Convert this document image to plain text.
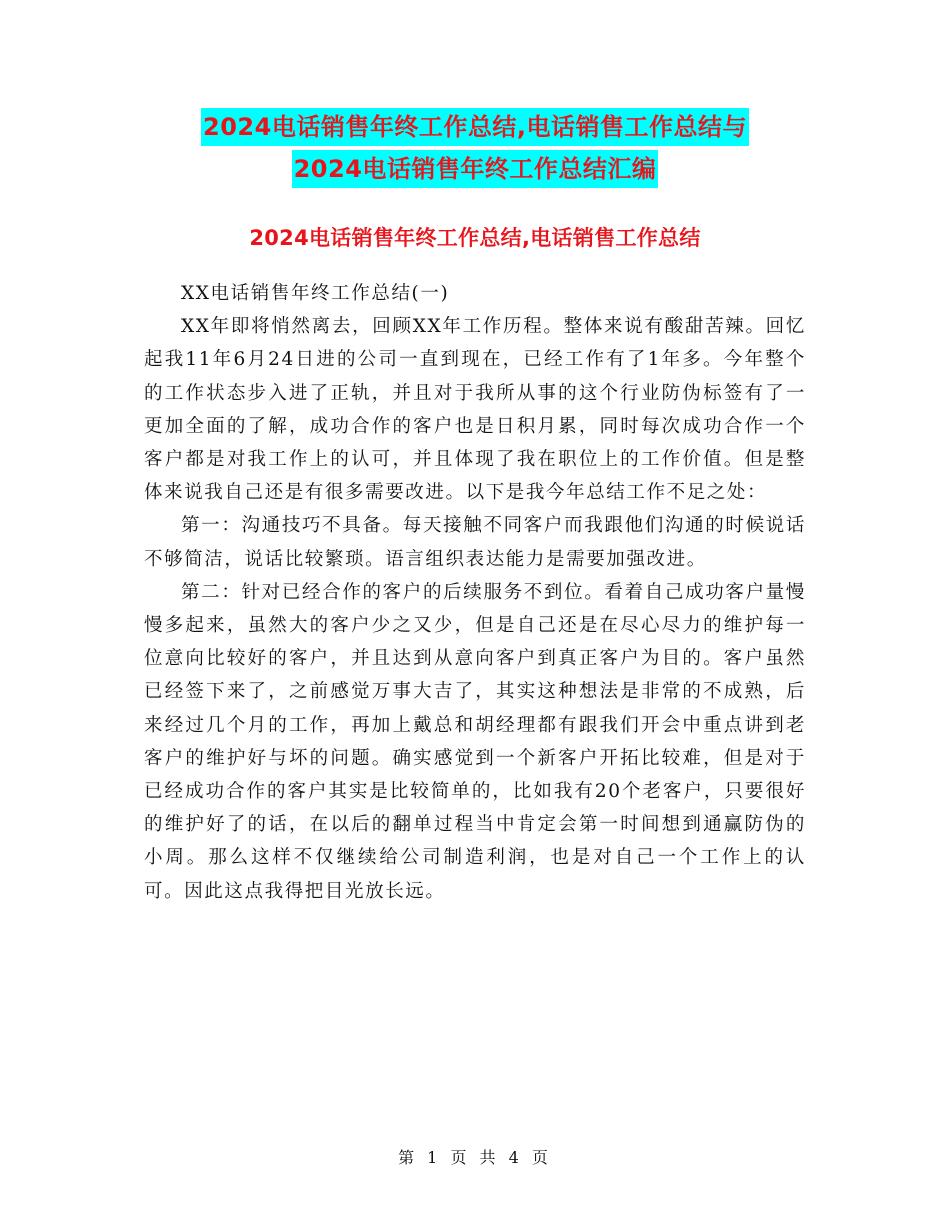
2024电话销售年终工作总结,电话销售工作总结与
2024电话销售年终工作总结汇编
2024电话销售年终工作总结,电话销售工作总结

XX电话销售年终工作总结(一)

XX年即将悄然离去，回顾XX年工作历程。整体来说有酸甜苦辣。回忆起我11年6月24日进的公司一直到现在，已经工作有了1年多。今年整个的工作状态步入进了正轨，并且对于我所从事的这个行业防伪标签有了一更加全面的了解，成功合作的客户也是日积月累，同时每次成功合作一个客户都是对我工作上的认可，并且体现了我在职位上的工作价值。但是整体来说我自己还是有很多需要改进。以下是我今年总结工作不足之处：

第一：沟通技巧不具备。每天接触不同客户而我跟他们沟通的时候说话不够简洁，说话比较繁琐。语言组织表达能力是需要加强改进。

第二：针对已经合作的客户的后续服务不到位。看着自己成功客户量慢慢多起来，虽然大的客户少之又少，但是自己还是在尽心尽力的维护每一位意向比较好的客户，并且达到从意向客户到真正客户为目的。客户虽然已经签下来了，之前感觉万事大吉了，其实这种想法是非常的不成熟，后来经过几个月的工作，再加上戴总和胡经理都有跟我们开会中重点讲到老客户的维护好与坏的问题。确实感觉到一个新客户开拓比较难，但是对于已经成功合作的客户其实是比较简单的，比如我有20个老客户，只要很好的维护好了的话，在以后的翻单过程当中肯定会第一时间想到通赢防伪的小周。那么这样不仅继续给公司制造利润，也是对自己一个工作上的认可。因此这点我得把目光放长远。

第 1 页 共 4 页
